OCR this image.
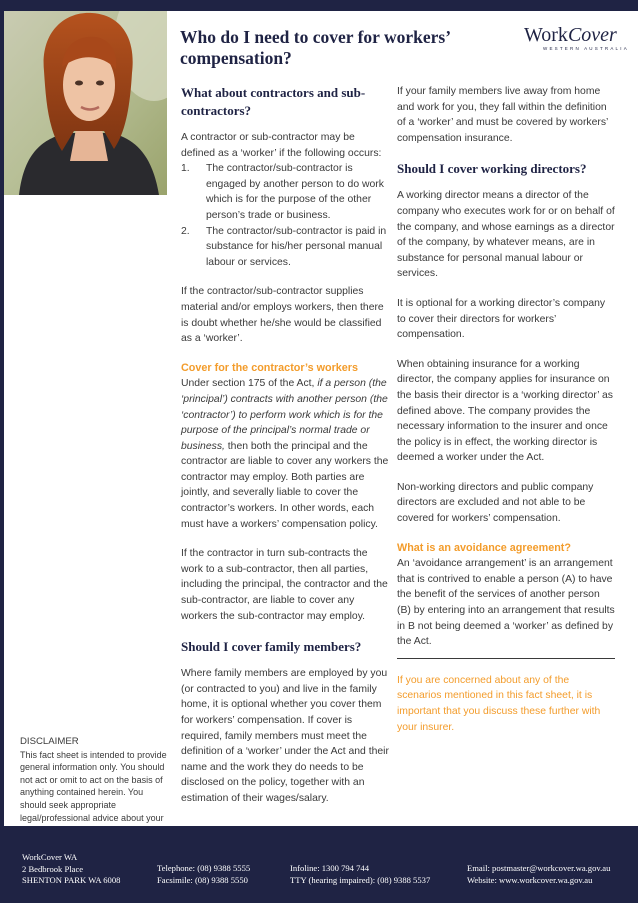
Who do I need to cover for workers’ compensation?
WorkCover
WESTERN AUSTRALIA
What about contractors and sub-contractors?

A contractor or sub-contractor may be defined as a ‘worker’ if the following occurs:

1. The contractor/sub-contractor is engaged by another person to do work which is for the purpose of the other person’s trade or business.
2. The contractor/sub-contractor is paid in substance for his/her personal manual labour or services.

If the contractor/sub-contractor supplies material and/or employs workers, then there is doubt whether he/she would be classified as a ‘worker’.

Cover for the contractor’s workers

Under section 175 of the Act, if a person (the ‘principal’) contracts with another person (the ‘contractor’) to perform work which is for the purpose of the principal’s normal trade or business, then both the principal and the contractor are liable to cover any workers the contractor may employ. Both parties are jointly, and severally liable to cover the contractor’s workers. In other words, each must have a workers’ compensation policy.

If the contractor in turn sub-contracts the work to a sub-contractor, then all parties, including the principal, the contractor and the sub-contractor, are liable to cover any workers the sub-contractor may employ.

Should I cover family members?

Where family members are employed by you (or contracted to you) and live in the family home, it is optional whether you cover them for workers’ compensation. If cover is required, family members must meet the definition of a ‘worker’ under the Act and their name and the work they do needs to be disclosed on the policy, together with an estimation of their wages/salary.

If your family members live away from home and work for you, they fall within the definition of a ‘worker’ and must be covered by workers’ compensation insurance.

Should I cover working directors?

A working director means a director of the company who executes work for or on behalf of the company, and whose earnings as a director of the company, by whatever means, are in substance for personal manual labour or services.

It is optional for a working director’s company to cover their directors for workers’ compensation.

When obtaining insurance for a working director, the company applies for insurance on the basis their director is a ‘working director’ as defined above. The company provides the necessary information to the insurer and once the policy is in effect, the working director is deemed a worker under the Act.

Non-working directors and public company directors are excluded and not able to be covered for workers’ compensation.

What is an avoidance agreement?

An ‘avoidance arrangement’ is an arrangement that is contrived to enable a person (A) to have the benefit of the services of another person (B) by entering into an arrangement that results in B not being deemed a ‘worker’ as defined by the Act.

If you are concerned about any of the scenarios mentioned in this fact sheet, it is important that you discuss these further with your insurer.

DISCLAIMER

This fact sheet is intended to provide general information only. You should not act or omit to act on the basis of anything contained herein. You should seek appropriate legal/professional advice about your

WorkCover WA
2 Bedbrook Place
SHENTON PARK WA 6008
Telephone: (08) 9388 5555
Facsimile: (08) 9388 5550
Infoline: 1300 794 744
TTY (hearing impaired): (08) 9388 5537
Email: postmaster@workcover.wa.gov.au
Website: www.workcover.wa.gov.au
